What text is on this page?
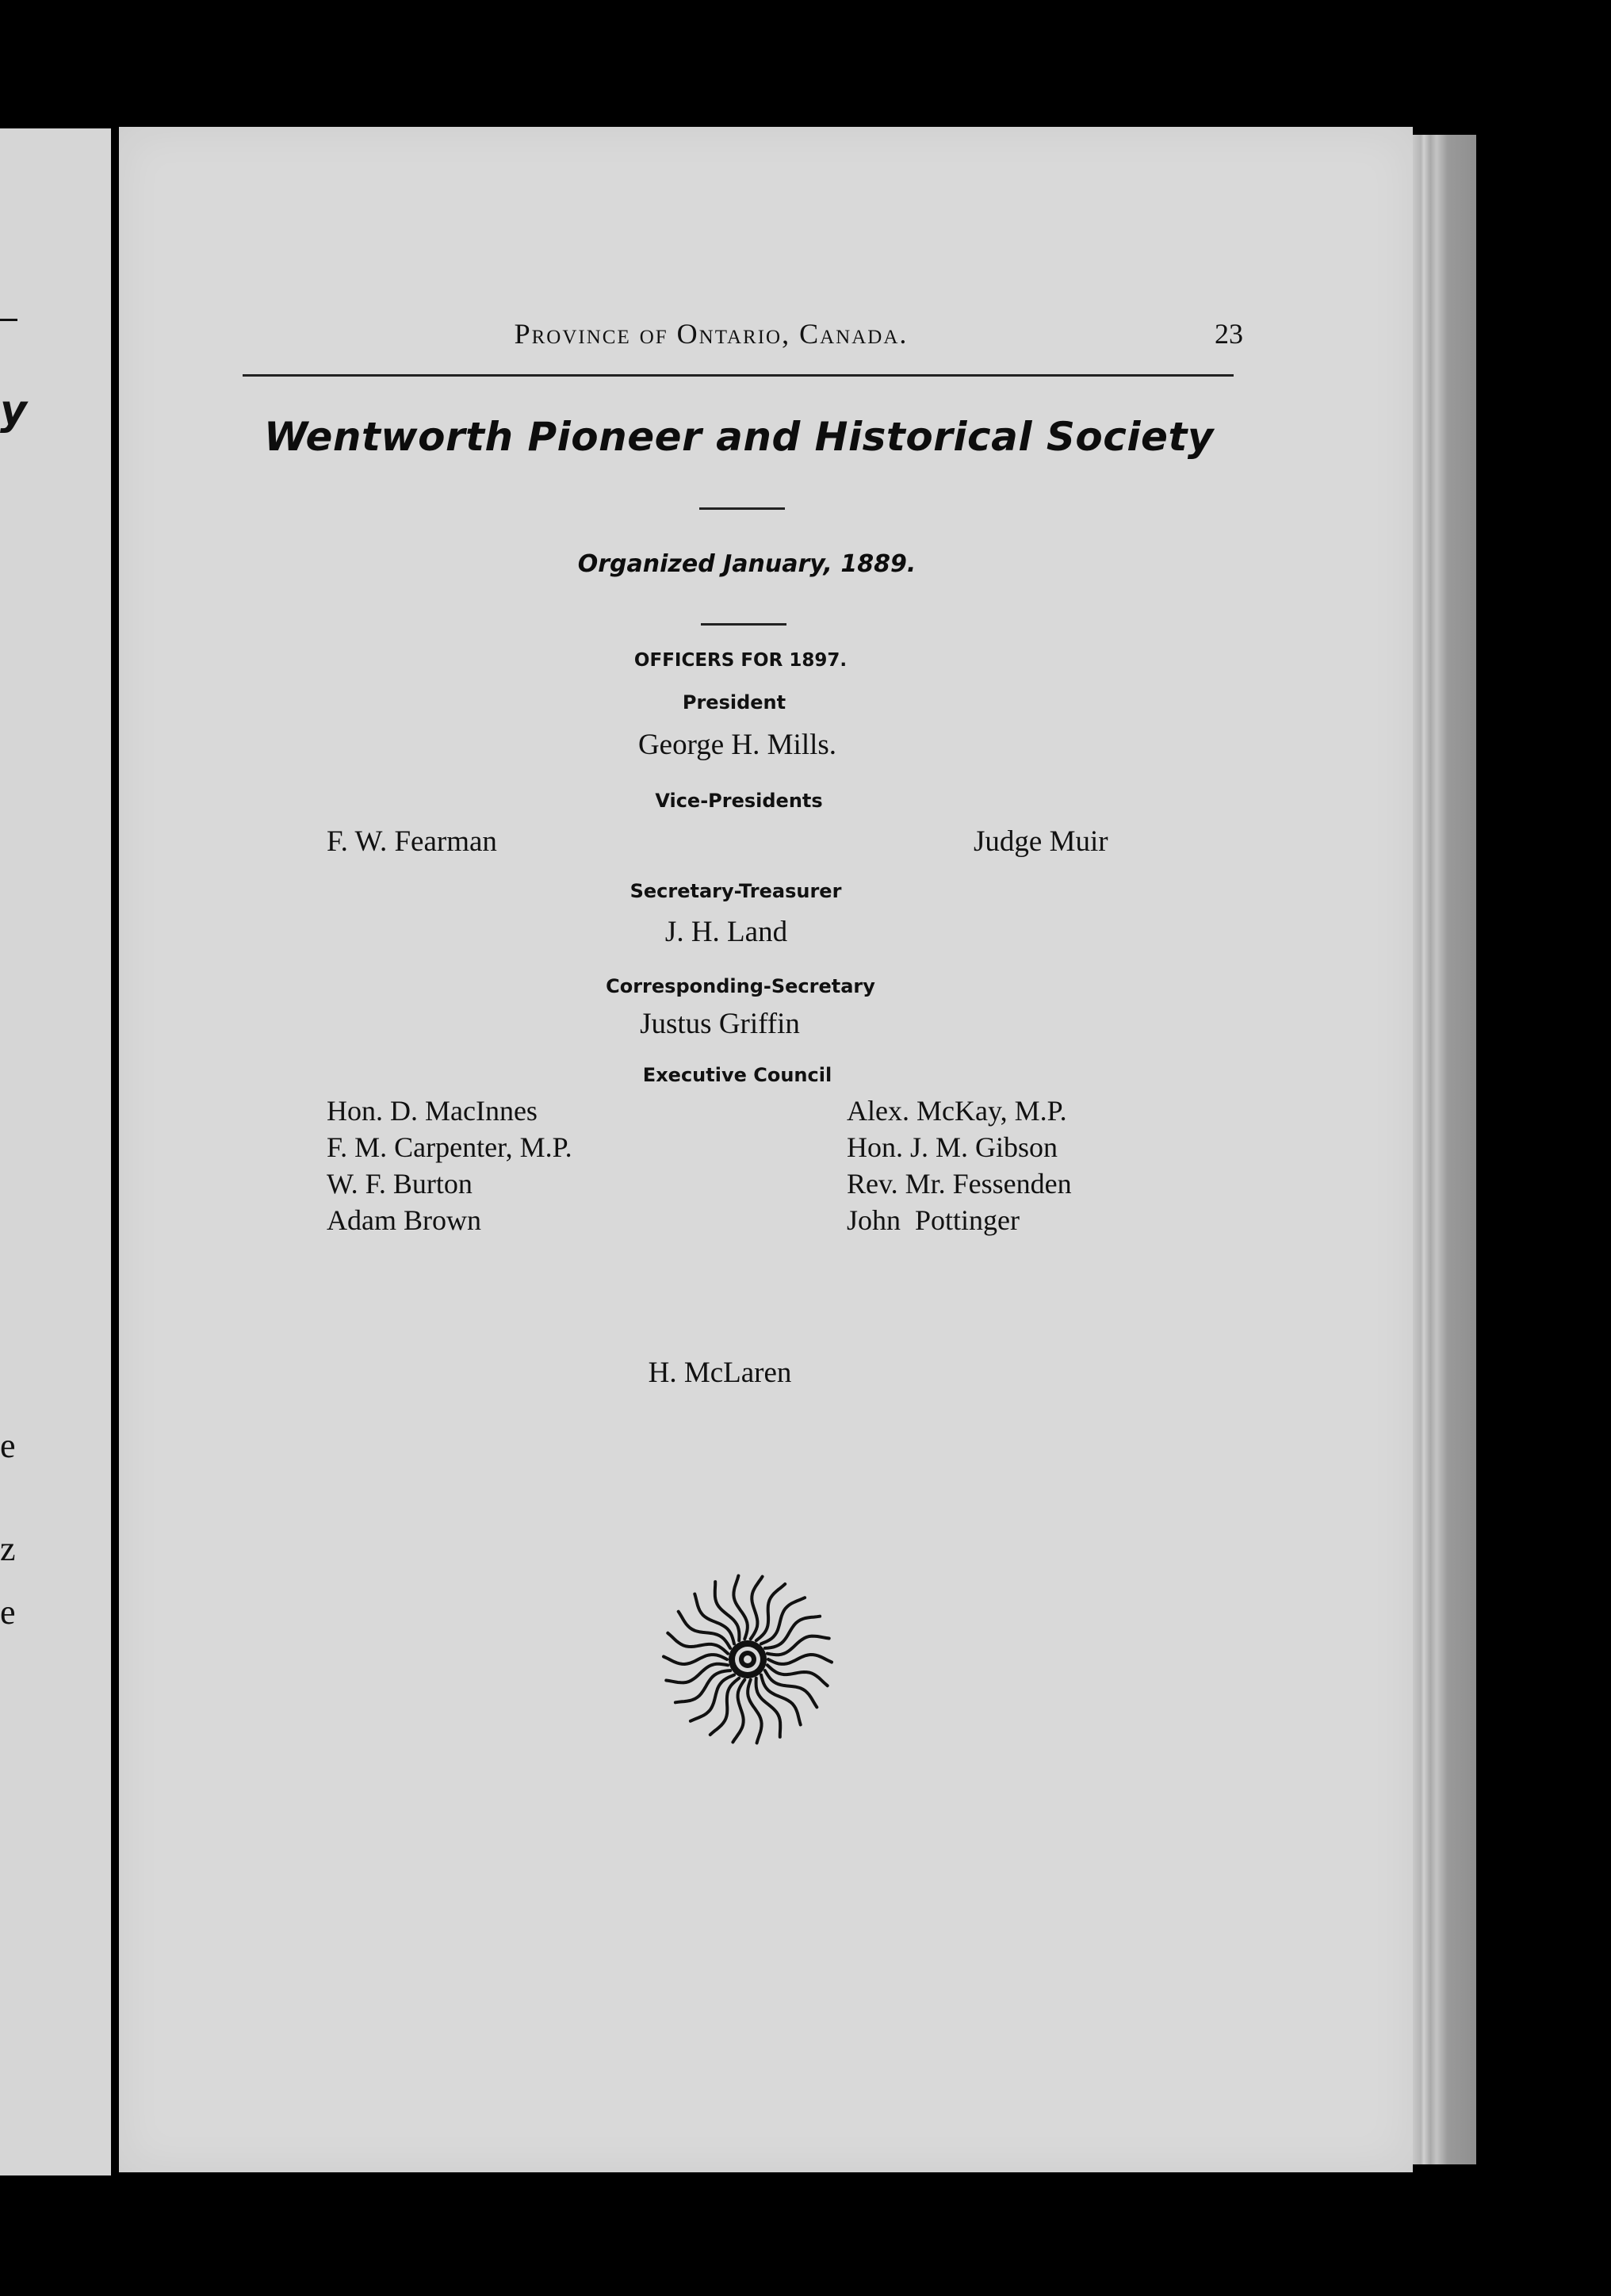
y
e
z
e
Province of Ontario, Canada.	23
Wentworth Pioneer and Historical Society
Organized January, 1889.
OFFICERS FOR 1897.
President
George H. Mills.
Vice-Presidents
F. W. Fearman	Judge Muir
Secretary-Treasurer
J. H. Land
Corresponding-Secretary
Justus Griffin
Executive Council
Hon. D. MacInnes
F. M. Carpenter, M.P.
W. F. Burton
Adam Brown
Alex. McKay, M.P.
Hon. J. M. Gibson
Rev. Mr. Fessenden
John  Pottinger
H. McLaren
